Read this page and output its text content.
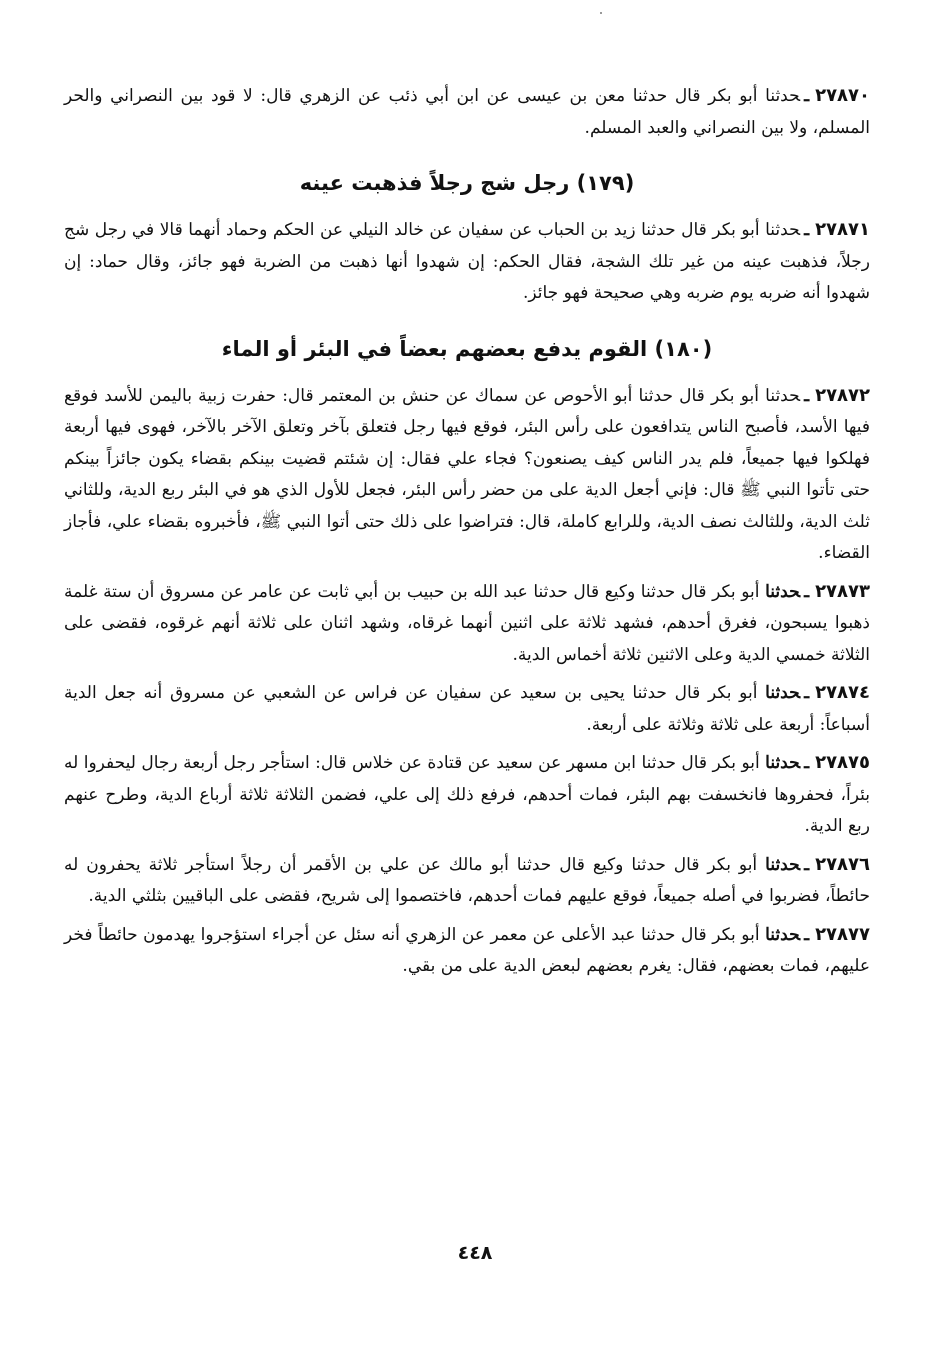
٢٧٨٧٠ـحدثنا أبو بكر قال حدثنا معن بن عيسى عن ابن أبي ذئب عن الزهري قال: لا قود بين النصراني والحر المسلم، ولا بين النصراني والعبد المسلم.

(١٧٩) رجل شج رجلاً فذهبت عينه

٢٧٨٧١ـحدثنا أبو بكر قال حدثنا زيد بن الحباب عن سفيان عن خالد النيلي عن الحكم وحماد أنهما قالا في رجل شج رجلاً، فذهبت عينه من غير تلك الشجة، فقال الحكم: إن شهدوا أنها ذهبت من الضربة فهو جائز، وقال حماد: إن شهدوا أنه ضربه يوم ضربه وهي صحيحة فهو جائز.

(١٨٠) القوم يدفع بعضهم بعضاً في البئر أو الماء

٢٧٨٧٢ـحدثنا أبو بكر قال حدثنا أبو الأحوص عن سماك عن حنش بن المعتمر قال: حفرت زبية باليمن للأسد فوقع فيها الأسد، فأصبح الناس يتدافعون على رأس البئر، فوقع فيها رجل فتعلق بآخر وتعلق الآخر بالآخر، فهوى فيها أربعة فهلكوا فيها جميعاً، فلم يدر الناس كيف يصنعون؟ فجاء علي فقال: إن شئتم قضيت بينكم بقضاء يكون جائزاً بينكم حتى تأتوا النبي ﷺ قال: فإني أجعل الدية على من حضر رأس البئر، فجعل للأول الذي هو في البئر ربع الدية، وللثاني ثلث الدية، وللثالث نصف الدية، وللرابع كاملة، قال: فتراضوا على ذلك حتى أتوا النبي ﷺ، فأخبروه بقضاء علي، فأجاز القضاء.

٢٧٨٧٣ـحدثنا أبو بكر قال حدثنا وكيع قال حدثنا عبد الله بن حبيب بن أبي ثابت عن عامر عن مسروق أن ستة غلمة ذهبوا يسبحون، فغرق أحدهم، فشهد ثلاثة على اثنين أنهما غرقاه، وشهد اثنان على ثلاثة أنهم غرقوه، فقضى على الثلاثة خمسي الدية وعلى الاثنين ثلاثة أخماس الدية.

٢٧٨٧٤ـحدثنا أبو بكر قال حدثنا يحيى بن سعيد عن سفيان عن فراس عن الشعبي عن مسروق أنه جعل الدية أسباعاً: أربعة على ثلاثة وثلاثة على أربعة.

٢٧٨٧٥ـحدثنا أبو بكر قال حدثنا ابن مسهر عن سعيد عن قتادة عن خلاس قال: استأجر رجل أربعة رجال ليحفروا له بئراً، فحفروها فانخسفت بهم البئر، فمات أحدهم، فرفع ذلك إلى علي، فضمن الثلاثة ثلاثة أرباع الدية، وطرح عنهم ربع الدية.

٢٧٨٧٦ـحدثنا أبو بكر قال حدثنا وكيع قال حدثنا أبو مالك عن علي بن الأقمر أن رجلاً استأجر ثلاثة يحفرون له حائطاً، فضربوا في أصله جميعاً، فوقع عليهم فمات أحدهم، فاختصموا إلى شريح، فقضى على الباقيين بثلثي الدية.

٢٧٨٧٧ـحدثنا أبو بكر قال حدثنا عبد الأعلى عن معمر عن الزهري أنه سئل عن أجراء استؤجروا يهدمون حائطاً فخر عليهم، فمات بعضهم، فقال: يغرم بعضهم لبعض الدية على من بقي.

٤٤٨
